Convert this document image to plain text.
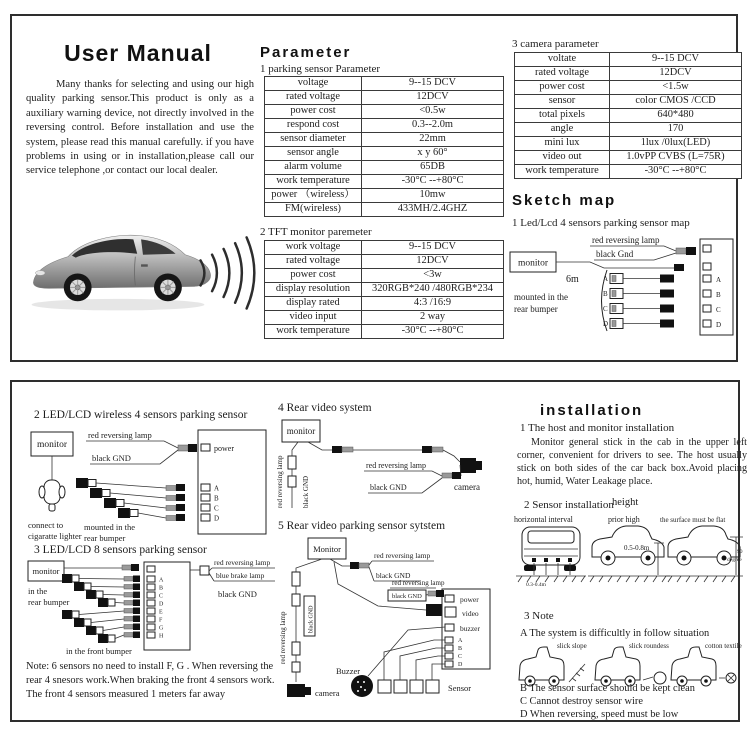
User Manual

Many thanks for selecting and using our high quality parking sensor.This product is only as a auxiliary warning device, not directly involved in the reversing control. Before installation and use the system, please read this manual carefully. if you have problems in using or in installation,please call our service telephone ,or contact our local dealer.

Parameter
1 parking sensor Parameter
voltage	9--15 DCV
rated voltage	12DCV
power cost	<0.5w
respond cost	0.3--2.0m
sensor diameter	22mm
sensor angle	x y 60°
alarm volume	65DB
work temperature	-30°C --+80°C
power （wireless）	10mw
FM(wireless)	433MH/2.4GHZ
2 TFT monitor paremeter
work voltage	9--15 DCV
rated voltage	12DCV
power cost	<3w
display resolution	320RGB*240 /480RGB*234
display rated	4:3 /16:9
video input	2 way
work temperature	-30°C --+80°C
3 camera parameter
voltate	9--15 DCV
rated voltage	12DCV
power cost	<1.5w
sensor	color CMOS /CCD
total pixels	640*480
angle	170
mini lux	1lux /0lux(LED)
video out	1.0vPP CVBS (L=75R)
work temperature	-30°C --+80°C
Sketch map
1 Led/Lcd 4 sensors parking sensor map
red reversing lamp
black Gnd
monitor
6m	A
B
C
D
A
B
C
D
mounted in the
rear bumper
2 LED/LCD wireless 4 sensors parking sensor
monitor
connect to
cigaratte lighter
red reversing lamp
black GND
power
A
B
C
D
mounted in the
rear bumper
3 LED/LCD 8 sensors parking sensor
monitor
A
B
C
D
E
F
G
H
red reversing lamp
blue brake lamp
black GND
in the
rear bumper
in the front bumper
Note: 6 sensors no need to install F, G . When reversing the rear 4 snesors work.When braking the front 4 sensors work. The front 4 sensors measured 1 meters far away
4 Rear video system
monitor
red reversing lamp	black GND	camera
red reversing lamp
black GND
5 Rear video parking sensor sytstem
Monitor
red reversing lamp	black GND
camera
red reversing lamp
black GND
power
video
buzzer
A
B
C
D
red reversing lamp
black GND
Buzzer
Sensor
installation
1 The host and monitor installation

Monitor general stick in the cab in the upper left corner, convenient for drivers to see. The host usually stick on both sides of the car back box.Avoid placing hot, humid, Water Leakage place.

2 Sensor installation
height
horizontal interval	prior high	the surface must be flat
0.3-0.4m
0.5-0.8m	90
degree
3 Note
A The system is difficultly in follow situation
slick slope	slick roundess	cotton textile
B The sensor surface should be kept clean
C Cannot destroy sensor wire
D When reversing, speed must be low
